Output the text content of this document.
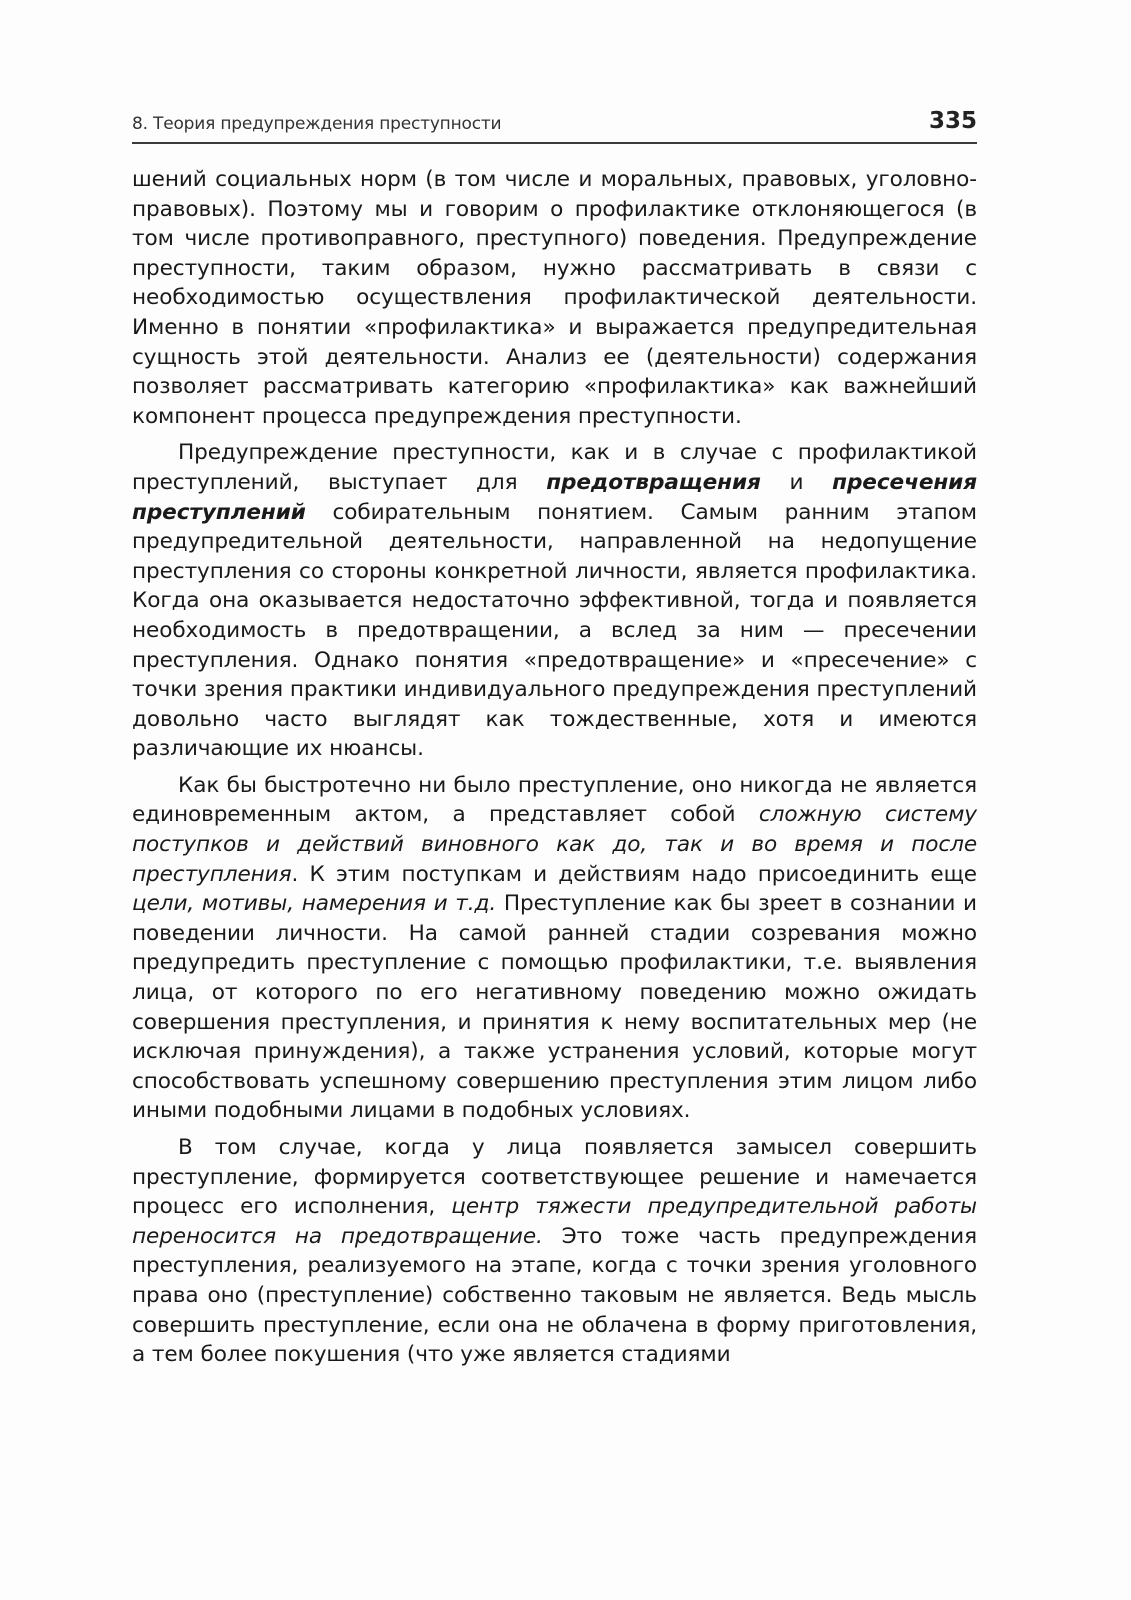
8. Теория предупреждения преступности	335

шений социальных норм (в том числе и моральных, правовых, уголовно-правовых). Поэтому мы и говорим о профилактике отклоняющегося (в том числе противоправного, преступного) поведения. Предупреждение преступности, таким образом, нужно рассматривать в связи с необходимостью осуществления профилактической деятельности. Именно в понятии «профилактика» и выражается предупредительная сущность этой деятельности. Анализ ее (деятельности) содержания позволяет рассматривать категорию «профилактика» как важнейший компонент процесса предупреждения преступности.

Предупреждение преступности, как и в случае с профилактикой преступлений, выступает для предотвращения и пресечения преступлений собирательным понятием. Самым ранним этапом предупредительной деятельности, направленной на недопущение преступления со стороны конкретной личности, является профилактика. Когда она оказывается недостаточно эффективной, тогда и появляется необходимость в предотвращении, а вслед за ним — пресечении преступления. Однако понятия «предотвращение» и «пресечение» с точки зрения практики индивидуального предупреждения преступлений довольно часто выглядят как тождественные, хотя и имеются различающие их нюансы.

Как бы быстротечно ни было преступление, оно никогда не является единовременным актом, а представляет собой сложную систему поступков и действий виновного как до, так и во время и после преступления. К этим поступкам и действиям надо присоединить еще цели, мотивы, намерения и т.д. Преступление как бы зреет в сознании и поведении личности. На самой ранней стадии созревания можно предупредить преступление с помощью профилактики, т.е. выявления лица, от которого по его негативному поведению можно ожидать совершения преступления, и принятия к нему воспитательных мер (не исключая принуждения), а также устранения условий, которые могут способствовать успешному совершению преступления этим лицом либо иными подобными лицами в подобных условиях.

В том случае, когда у лица появляется замысел совершить преступление, формируется соответствующее решение и намечается процесс его исполнения, центр тяжести предупредительной работы переносится на предотвращение. Это тоже часть предупреждения преступления, реализуемого на этапе, когда с точки зрения уголовного права оно (преступление) собственно таковым не является. Ведь мысль совершить преступление, если она не облачена в форму приготовления, а тем более покушения (что уже является стадиями
